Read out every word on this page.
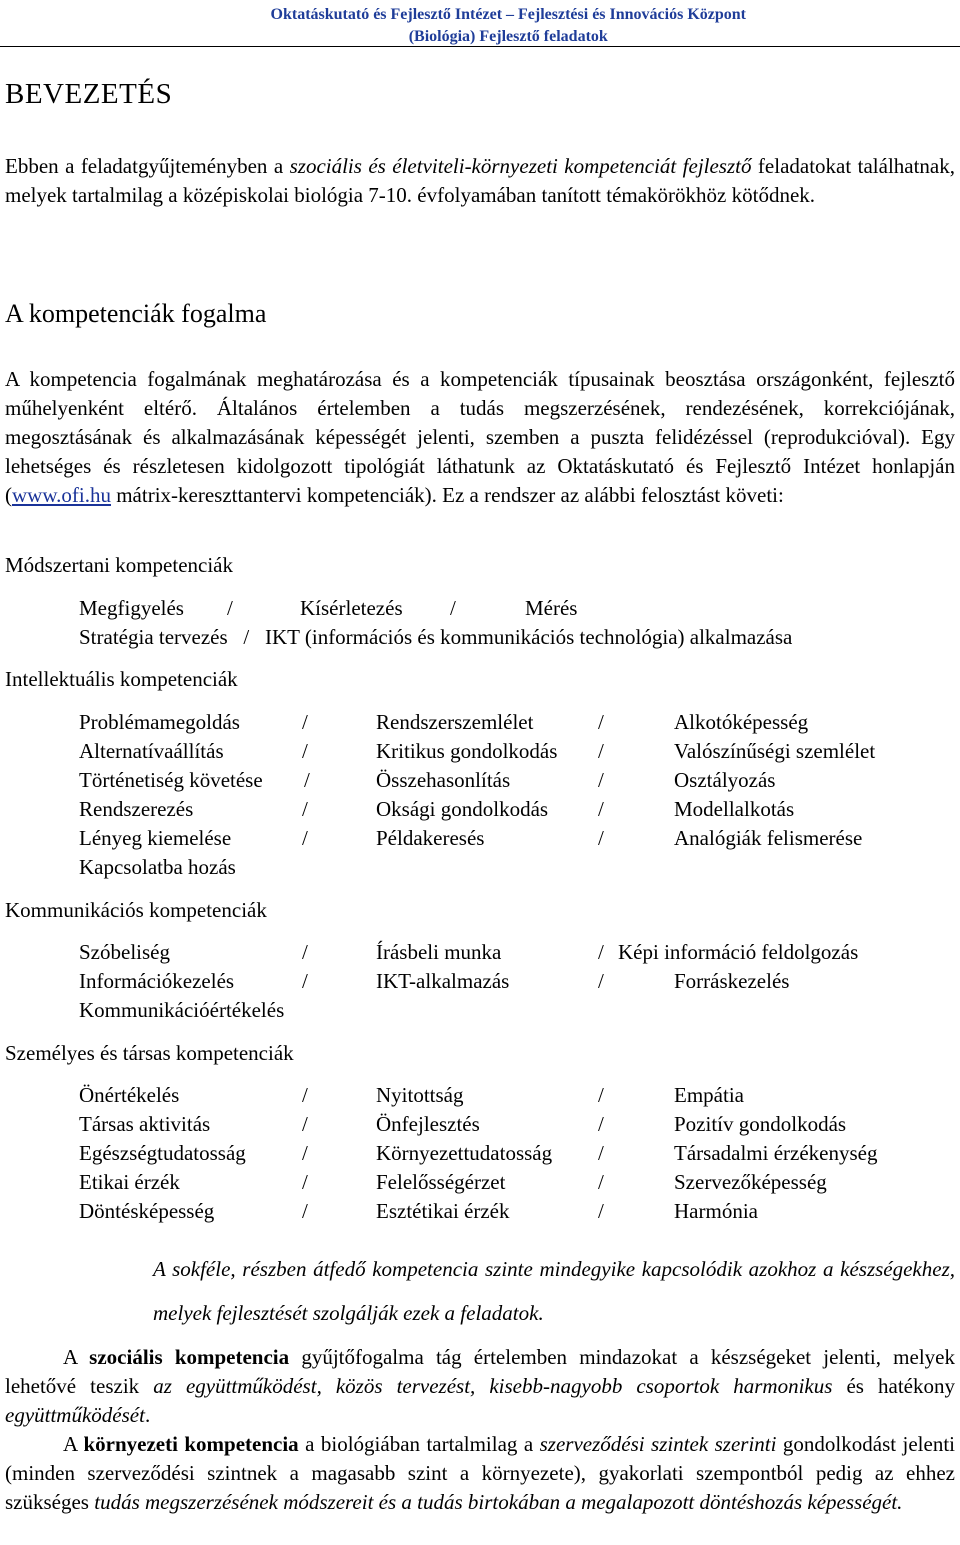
Oktatáskutató és Fejlesztő Intézet – Fejlesztési és Innovációs Központ
(Biológia) Fejlesztő feladatok
BEVEZETÉS

Ebben a feladatgyűjteményben a szociális és életviteli-környezeti kompetenciát fejlesztő feladatokat találhatnak, melyek tartalmilag a középiskolai biológia 7-10. évfolyamában tanított témakörökhöz kötődnek.

A kompetenciák fogalma

A kompetencia fogalmának meghatározása és a kompetenciák típusainak beosztása országonként, fejlesztő műhelyenként eltérő. Általános értelemben a tudás megszerzésének, rendezésének, korrekciójának, megosztásának és alkalmazásának képességét jelenti, szemben a puszta felidézéssel (reprodukcióval). Egy lehetséges és részletesen kidolgozott tipológiát láthatunk az Oktatáskutató és Fejlesztő Intézet honlapján (www.ofi.hu mátrix-kereszttantervi kompetenciák). Ez a rendszer az alábbi felosztást követi:

Módszertani kompetenciák
Megfigyelés /	Kísérletezés /	Mérés
Stratégia tervezés   /   IKT (információs és kommunikációs technológia) alkalmazása
Intellektuális kompetenciák
Problémamegoldás	/	Rendszerszemlélet	/	Alkotóképesség
Alternatívaállítás	/	Kritikus gondolkodás /	Valószínűségi szemlélet
Történetiség követése /	Összehasonlítás	/	Osztályozás
Rendszerezés	/	Oksági gondolkodás /	Modellalkotás
Lényeg kiemelése	/	Példakeresés	/	Analógiák felismerése
Kapcsolatba hozás
Kommunikációs kompetenciák
Szóbeliség	/	Írásbeli munka	/ Képi információ feldolgozás
Információkezelés	/	IKT-alkalmazás	/	Forráskezelés
Kommunikációértékelés
Személyes és társas kompetenciák
Önértékelés	/	Nyitottság	/	Empátia
Társas aktivitás	/	Önfejlesztés	/	Pozitív gondolkodás
Egészségtudatosság	/	Környezettudatosság /	Társadalmi érzékenység
Etikai érzék	/	Felelősségérzet	/	Szervezőképesség
Döntésképesség	/	Esztétikai érzék	/	Harmónia

A sokféle, részben átfedő kompetencia szinte mindegyike kapcsolódik azokhoz a készségekhez, melyek fejlesztését szolgálják ezek a feladatok.

A szociális kompetencia gyűjtőfogalma tág értelemben mindazokat a készségeket jelenti, melyek lehetővé teszik az együttműködést, közös tervezést, kisebb-nagyobb csoportok harmonikus és hatékony együttműködését.

A környezeti kompetencia a biológiában tartalmilag a szerveződési szintek szerinti gondolkodást jelenti (minden szerveződési szintnek a magasabb szint a környezete), gyakorlati szempontból pedig az ehhez szükséges tudás megszerzésének módszereit és a tudás birtokában a megalapozott döntéshozás képességét.
